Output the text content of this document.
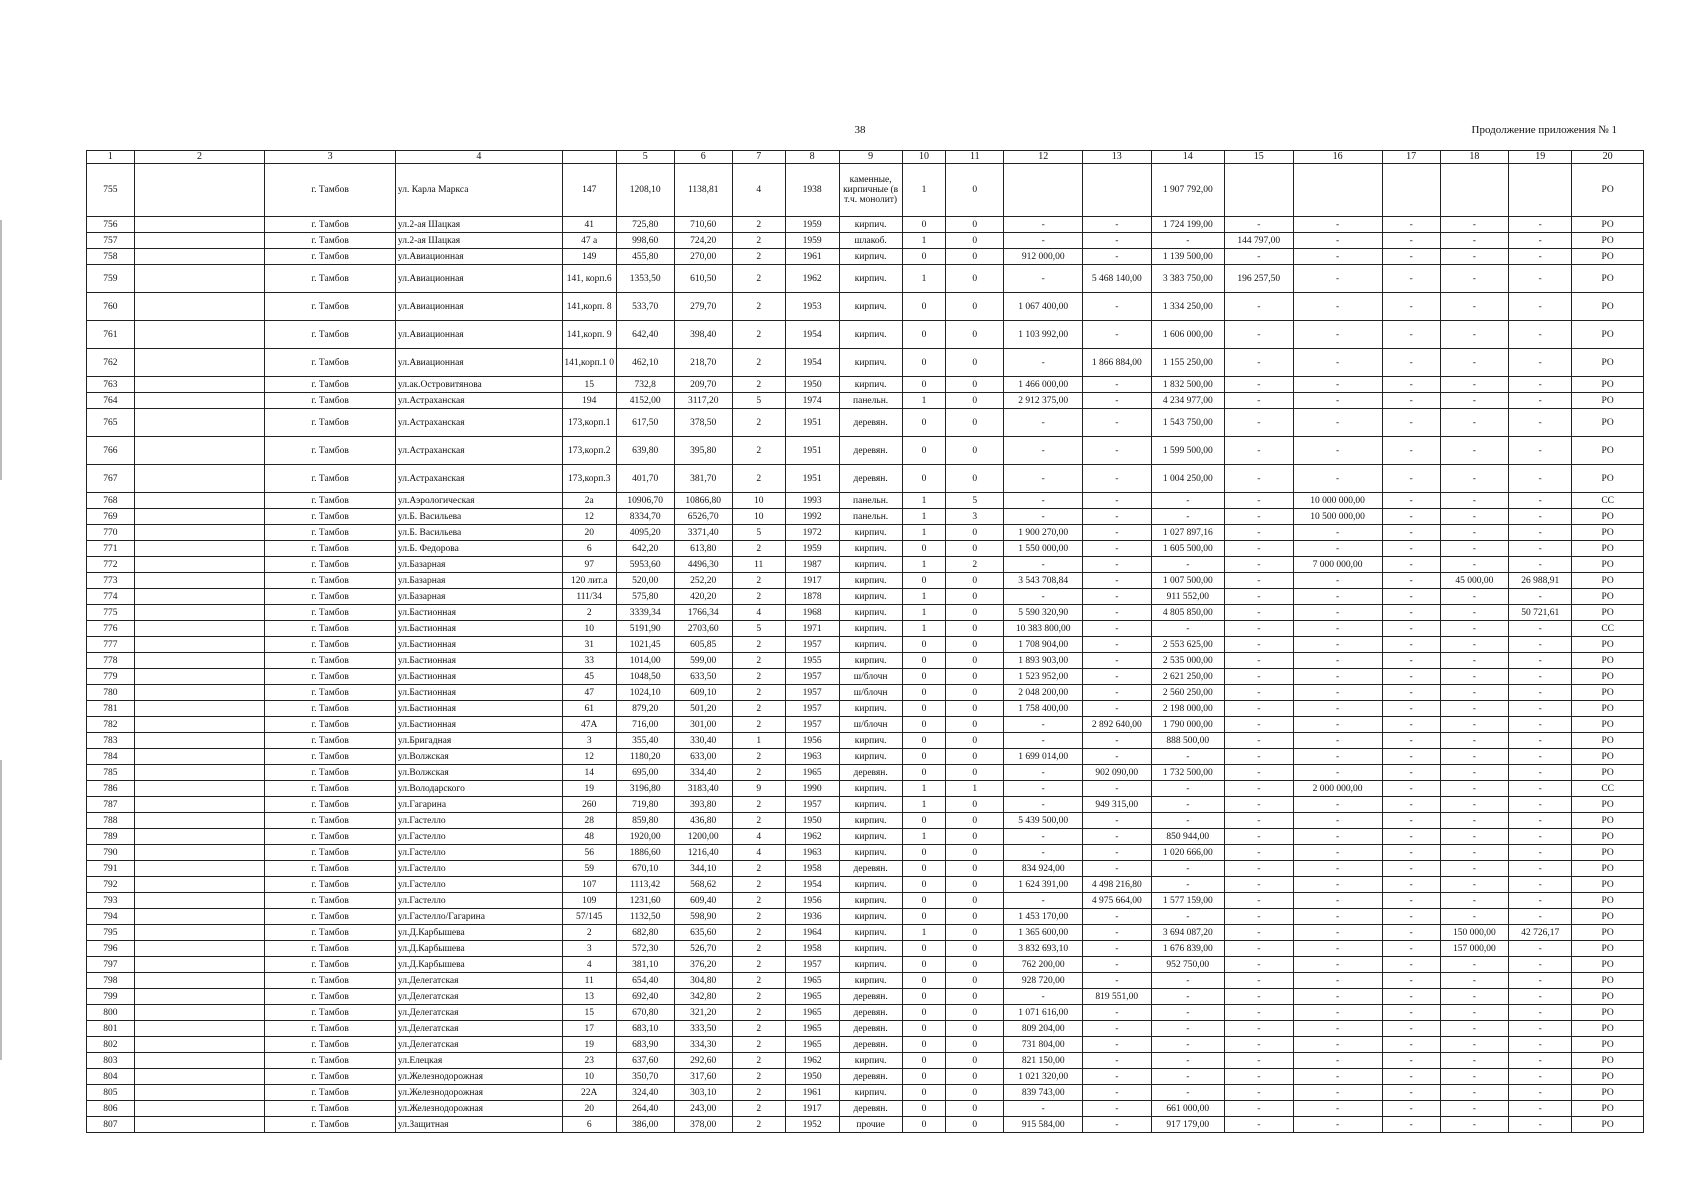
38	Продолжение приложения № 1
1	2	3	4		5	6	7	8	9	10	11	12	13	14	15	16	17	18	19	20
755		г. Тамбов	ул. Карла Маркса	147	1208,10	1138,81	4	1938	каменные, кирпичные (в т.ч. монолит)	1	0			1 907 792,00						РО
756		г. Тамбов	ул.2-ая Шацкая	41	725,80	710,60	2	1959	кирпич.	0	0	-	-	1 724 199,00	-	-	-	-	-	РО
757		г. Тамбов	ул.2-ая Шацкая	47 а	998,60	724,20	2	1959	шлакоб.	1	0	-	-	-	144 797,00	-	-	-	-	РО
758		г. Тамбов	ул.Авиационная	149	455,80	270,00	2	1961	кирпич.	0	0	912 000,00	-	1 139 500,00	-	-	-	-	-	РО
759		г. Тамбов	ул.Авиационная	141, корп.6	1353,50	610,50	2	1962	кирпич.	1	0	-	5 468 140,00	3 383 750,00	196 257,50	-	-	-	-	РО
760		г. Тамбов	ул.Авиационная	141,корп. 8	533,70	279,70	2	1953	кирпич.	0	0	1 067 400,00	-	1 334 250,00	-	-	-	-	-	РО
761		г. Тамбов	ул.Авиационная	141,корп. 9	642,40	398,40	2	1954	кирпич.	0	0	1 103 992,00	-	1 606 000,00	-	-	-	-	-	РО
762		г. Тамбов	ул.Авиационная	141,корп.1 0	462,10	218,70	2	1954	кирпич.	0	0	-	1 866 884,00	1 155 250,00	-	-	-	-	-	РО
763		г. Тамбов	ул.ак.Островитянова	15	732,8	209,70	2	1950	кирпич.	0	0	1 466 000,00	-	1 832 500,00	-	-	-	-	-	РО
764		г. Тамбов	ул.Астраханская	194	4152,00	3117,20	5	1974	панельн.	1	0	2 912 375,00	-	4 234 977,00	-	-	-	-	-	РО
765		г. Тамбов	ул.Астраханская	173,корп.1	617,50	378,50	2	1951	деревян.	0	0	-	-	1 543 750,00	-	-	-	-	-	РО
766		г. Тамбов	ул.Астраханская	173,корп.2	639,80	395,80	2	1951	деревян.	0	0	-	-	1 599 500,00	-	-	-	-	-	РО
767		г. Тамбов	ул.Астраханская	173,корп.3	401,70	381,70	2	1951	деревян.	0	0	-	-	1 004 250,00	-	-	-	-	-	РО
768		г. Тамбов	ул.Аэрологическая	2а	10906,70	10866,80	10	1993	панельн.	1	5	-	-	-	-	10 000 000,00	-	-	-	СС
769		г. Тамбов	ул.Б. Васильева	12	8334,70	6526,70	10	1992	панельн.	1	3	-	-	-	-	10 500 000,00	-	-	-	РО
770		г. Тамбов	ул.Б. Васильева	20	4095,20	3371,40	5	1972	кирпич.	1	0	1 900 270,00	-	1 027 897,16	-	-	-	-	-	РО
771		г. Тамбов	ул.Б. Федорова	6	642,20	613,80	2	1959	кирпич.	0	0	1 550 000,00	-	1 605 500,00	-	-	-	-	-	РО
772		г. Тамбов	ул.Базарная	97	5953,60	4496,30	11	1987	кирпич.	1	2	-	-	-	-	7 000 000,00	-	-	-	РО
773		г. Тамбов	ул.Базарная	120 лит.а	520,00	252,20	2	1917	кирпич.	0	0	3 543 708,84	-	1 007 500,00	-	-	-	45 000,00	26 988,91	РО
774		г. Тамбов	ул.Базарная	111/34	575,80	420,20	2	1878	кирпич.	1	0	-	-	911 552,00	-	-	-	-	-	РО
775		г. Тамбов	ул.Бастионная	2	3339,34	1766,34	4	1968	кирпич.	1	0	5 590 320,90	-	4 805 850,00	-	-	-	-	50 721,61	РО
776		г. Тамбов	ул.Бастионная	10	5191,90	2703,60	5	1971	кирпич.	1	0	10 383 800,00	-	-	-	-	-	-	-	СС
777		г. Тамбов	ул.Бастионная	31	1021,45	605,85	2	1957	кирпич.	0	0	1 708 904,00	-	2 553 625,00	-	-	-	-	-	РО
778		г. Тамбов	ул.Бастионная	33	1014,00	599,00	2	1955	кирпич.	0	0	1 893 903,00	-	2 535 000,00	-	-	-	-	-	РО
779		г. Тамбов	ул.Бастионная	45	1048,50	633,50	2	1957	ш/блочн	0	0	1 523 952,00	-	2 621 250,00	-	-	-	-	-	РО
780		г. Тамбов	ул.Бастионная	47	1024,10	609,10	2	1957	ш/блочн	0	0	2 048 200,00	-	2 560 250,00	-	-	-	-	-	РО
781		г. Тамбов	ул.Бастионная	61	879,20	501,20	2	1957	кирпич.	0	0	1 758 400,00	-	2 198 000,00	-	-	-	-	-	РО
782		г. Тамбов	ул.Бастионная	47А	716,00	301,00	2	1957	ш/блочн	0	0	-	2 892 640,00	1 790 000,00	-	-	-	-	-	РО
783		г. Тамбов	ул.Бригадная	3	355,40	330,40	1	1956	кирпич.	0	0	-	-	888 500,00	-	-	-	-	-	РО
784		г. Тамбов	ул.Волжская	12	1180,20	633,00	2	1963	кирпич.	0	0	1 699 014,00	-	-	-	-	-	-	-	РО
785		г. Тамбов	ул.Волжская	14	695,00	334,40	2	1965	деревян.	0	0	-	902 090,00	1 732 500,00	-	-	-	-	-	РО
786		г. Тамбов	ул.Володарского	19	3196,80	3183,40	9	1990	кирпич.	1	1	-	-	-	-	2 000 000,00	-	-	-	СС
787		г. Тамбов	ул.Гагарина	260	719,80	393,80	2	1957	кирпич.	1	0	-	949 315,00	-	-	-	-	-	-	РО
788		г. Тамбов	ул.Гастелло	28	859,80	436,80	2	1950	кирпич.	0	0	5 439 500,00	-	-	-	-	-	-	-	РО
789		г. Тамбов	ул.Гастелло	48	1920,00	1200,00	4	1962	кирпич.	1	0	-	-	850 944,00	-	-	-	-	-	РО
790		г. Тамбов	ул.Гастелло	56	1886,60	1216,40	4	1963	кирпич.	0	0	-	-	1 020 666,00	-	-	-	-	-	РО
791		г. Тамбов	ул.Гастелло	59	670,10	344,10	2	1958	деревян.	0	0	834 924,00	-	-	-	-	-	-	-	РО
792		г. Тамбов	ул.Гастелло	107	1113,42	568,62	2	1954	кирпич.	0	0	1 624 391,00	4 498 216,80	-	-	-	-	-	-	РО
793		г. Тамбов	ул.Гастелло	109	1231,60	609,40	2	1956	кирпич.	0	0	-	4 975 664,00	1 577 159,00	-	-	-	-	-	РО
794		г. Тамбов	ул.Гастелло/Гагарина	57/145	1132,50	598,90	2	1936	кирпич.	0	0	1 453 170,00	-	-	-	-	-	-	-	РО
795		г. Тамбов	ул.Д.Карбышева	2	682,80	635,60	2	1964	кирпич.	1	0	1 365 600,00	-	3 694 087,20	-	-	-	150 000,00	42 726,17	РО
796		г. Тамбов	ул.Д.Карбышева	3	572,30	526,70	2	1958	кирпич.	0	0	3 832 693,10	-	1 676 839,00	-	-	-	157 000,00	-	РО
797		г. Тамбов	ул.Д.Карбышева	4	381,10	376,20	2	1957	кирпич.	0	0	762 200,00	-	952 750,00	-	-	-	-	-	РО
798		г. Тамбов	ул.Делегатская	11	654,40	304,80	2	1965	кирпич.	0	0	928 720,00	-	-	-	-	-	-	-	РО
799		г. Тамбов	ул.Делегатская	13	692,40	342,80	2	1965	деревян.	0	0	-	819 551,00	-	-	-	-	-	-	РО
800		г. Тамбов	ул.Делегатская	15	670,80	321,20	2	1965	деревян.	0	0	1 071 616,00	-	-	-	-	-	-	-	РО
801		г. Тамбов	ул.Делегатская	17	683,10	333,50	2	1965	деревян.	0	0	809 204,00	-	-	-	-	-	-	-	РО
802		г. Тамбов	ул.Делегатская	19	683,90	334,30	2	1965	деревян.	0	0	731 804,00	-	-	-	-	-	-	-	РО
803		г. Тамбов	ул.Елецкая	23	637,60	292,60	2	1962	кирпич.	0	0	821 150,00	-	-	-	-	-	-	-	РО
804		г. Тамбов	ул.Железнодорожная	10	350,70	317,60	2	1950	деревян.	0	0	1 021 320,00	-	-	-	-	-	-	-	РО
805		г. Тамбов	ул.Железнодорожная	22А	324,40	303,10	2	1961	кирпич.	0	0	839 743,00	-	-	-	-	-	-	-	РО
806		г. Тамбов	ул.Железнодорожная	20	264,40	243,00	2	1917	деревян.	0	0	-	-	661 000,00	-	-	-	-	-	РО
807		г. Тамбов	ул.Защитная	6	386,00	378,00	2	1952	прочие	0	0	915 584,00	-	917 179,00	-	-	-	-	-	РО
